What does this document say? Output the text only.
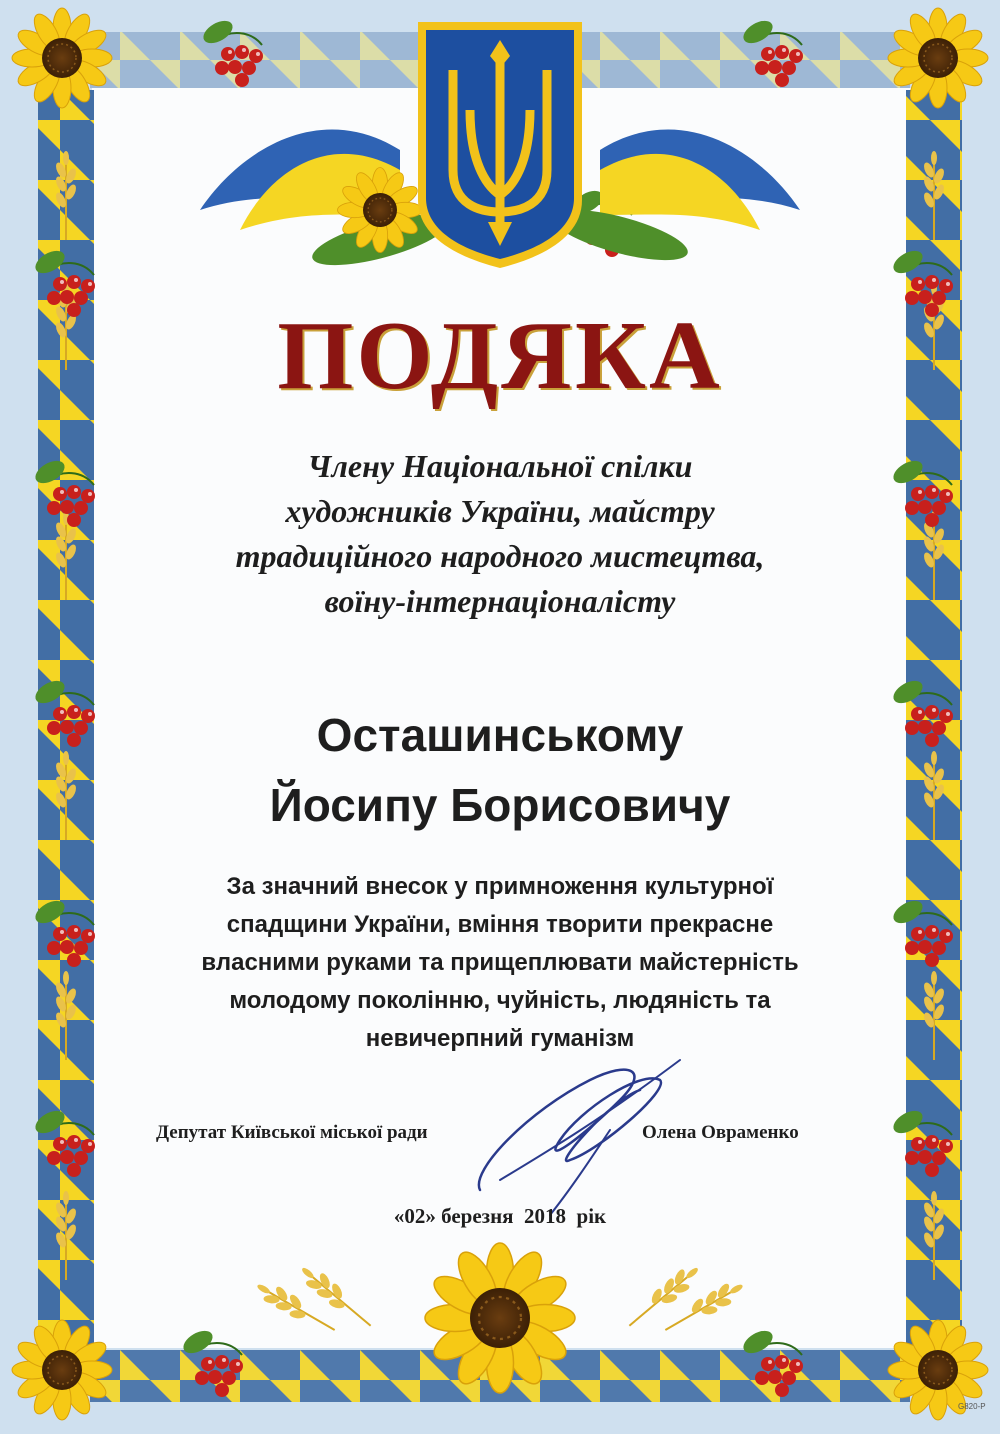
ПОДЯКА
Члену Національної спілки
художників України, майстру
традиційного народного мистецтва,
воїну-інтернаціоналісту
Осташинському
Йосипу Борисовичу
За значний внесок у примноження культурної
спадщини України, вміння творити прекрасне
власними руками та прищеплювати майстерність
молодому поколінню, чуйність, людяність та
невичерпний гуманізм
Депутат Київської міської ради	Олена Овраменко
«02» березня  2018  рік
G820-P
